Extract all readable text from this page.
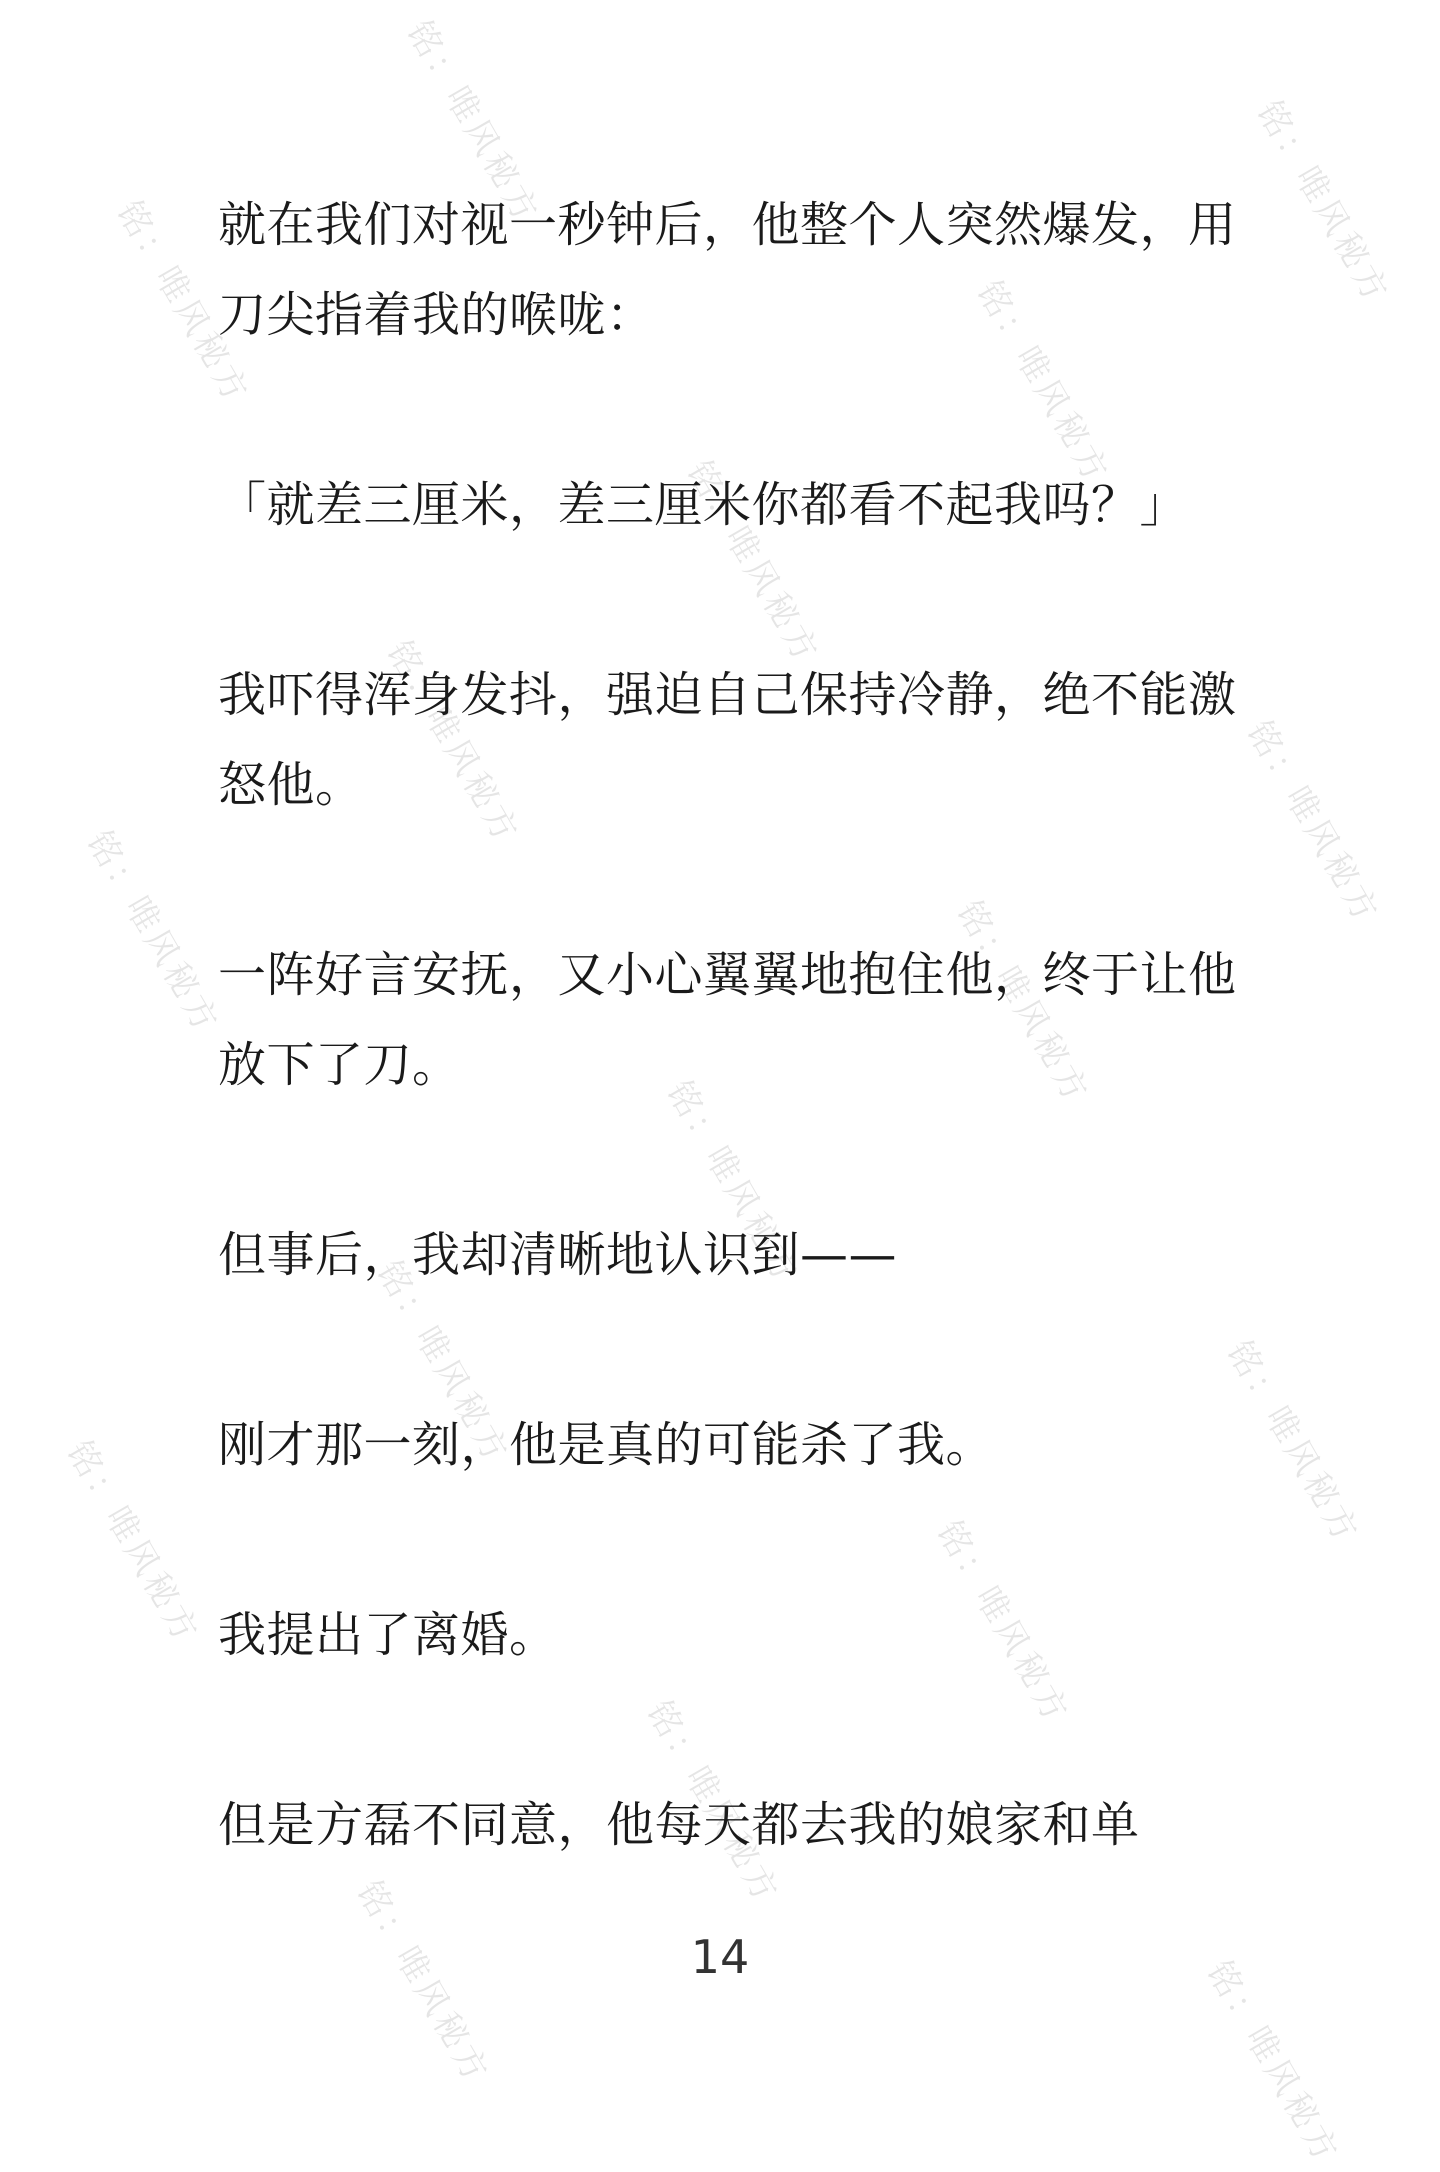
铭：唯风秘方	铭：唯风秘方
铭：唯风秘方	铭：唯风秘方
铭：唯风秘方
铭：唯风秘方	铭：唯风秘方
铭：唯风秘方	铭：唯风秘方
铭：唯风秘方
铭：唯风秘方	铭：唯风秘方
铭：唯风秘方	铭：唯风秘方
铭：唯风秘方
铭：唯风秘方	铭：唯风秘方

就在我们对视一秒钟后，他整个人突然爆发，用刀尖指着我的喉咙：

「就差三厘米，差三厘米你都看不起我吗？」

我吓得浑身发抖，强迫自己保持冷静，绝不能激怒他。

一阵好言安抚，又小心翼翼地抱住他，终于让他放下了刀。

但事后，我却清晰地认识到——

刚才那一刻，他是真的可能杀了我。

我提出了离婚。

但是方磊不同意，他每天都去我的娘家和单

14
